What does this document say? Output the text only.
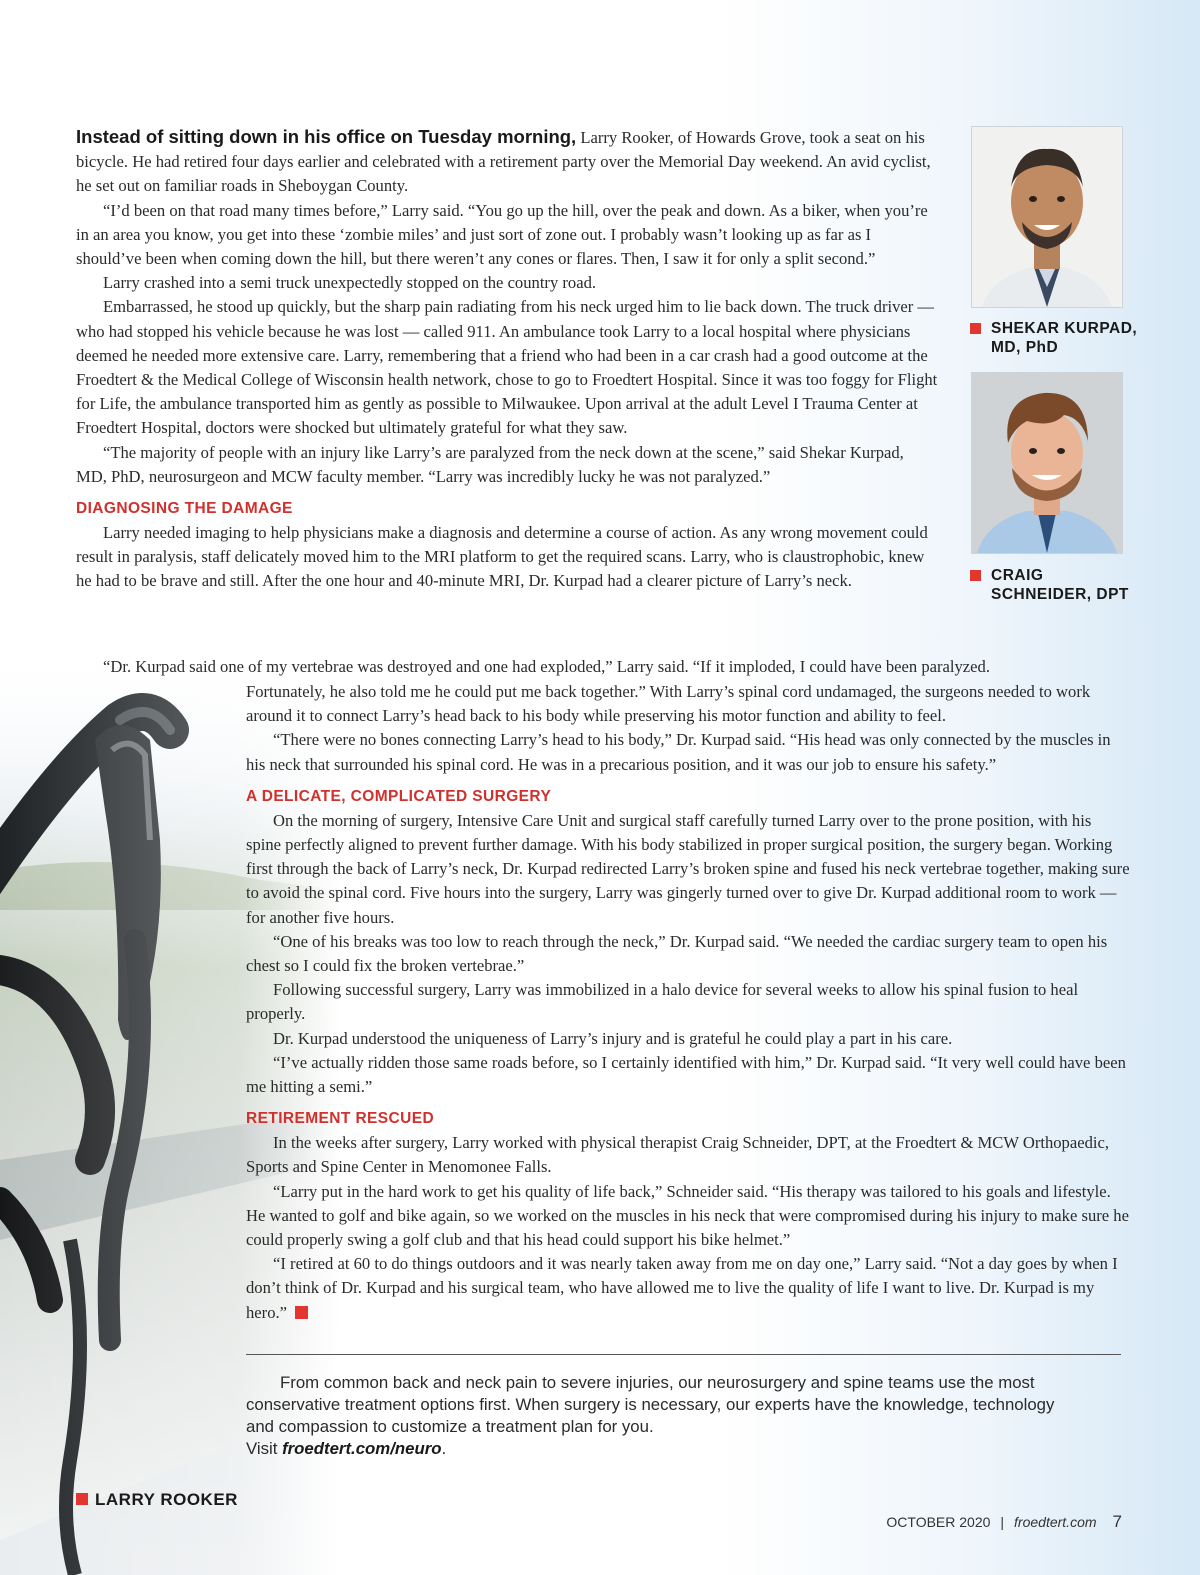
Instead of sitting down in his office on Tuesday morning, Larry Rooker, of Howards Grove, took a seat on his bicycle. He had retired four days earlier and celebrated with a retirement party over the Memorial Day weekend. An avid cyclist, he set out on familiar roads in Sheboygan County.

“I’d been on that road many times before,” Larry said. “You go up the hill, over the peak and down. As a biker, when you’re in an area you know, you get into these ‘zombie miles’ and just sort of zone out. I probably wasn’t looking up as far as I should’ve been when coming down the hill, but there weren’t any cones or flares. Then, I saw it for only a split second.”

Larry crashed into a semi truck unexpectedly stopped on the country road.

Embarrassed, he stood up quickly, but the sharp pain radiating from his neck urged him to lie back down. The truck driver — who had stopped his vehicle because he was lost — called 911. An ambulance took Larry to a local hospital where physicians deemed he needed more extensive care. Larry, remembering that a friend who had been in a car crash had a good outcome at the Froedtert & the Medical College of Wisconsin health network, chose to go to Froedtert Hospital. Since it was too foggy for Flight for Life, the ambulance transported him as gently as possible to Milwaukee. Upon arrival at the adult Level I Trauma Center at Froedtert Hospital, doctors were shocked but ultimately grateful for what they saw.

“The majority of people with an injury like Larry’s are paralyzed from the neck down at the scene,” said Shekar Kurpad, MD, PhD, neurosurgeon and MCW faculty member. “Larry was incredibly lucky he was not paralyzed.”

DIAGNOSING THE DAMAGE

Larry needed imaging to help physicians make a diagnosis and determine a course of action. As any wrong movement could result in paralysis, staff delicately moved him to the MRI platform to get the required scans. Larry, who is claustrophobic, knew he had to be brave and still. After the one hour and 40-minute MRI, Dr. Kurpad had a clearer picture of Larry’s neck.

“Dr. Kurpad said one of my vertebrae was destroyed and one had exploded,” Larry said. “If it imploded, I could have been paralyzed.

Fortunately, he also told me he could put me back together.” With Larry’s spinal cord undamaged, the surgeons needed to work around it to connect Larry’s head back to his body while preserving his motor function and ability to feel.

“There were no bones connecting Larry’s head to his body,” Dr. Kurpad said. “His head was only connected by the muscles in his neck that surrounded his spinal cord. He was in a precarious position, and it was our job to ensure his safety.”

A DELICATE, COMPLICATED SURGERY

On the morning of surgery, Intensive Care Unit and surgical staff carefully turned Larry over to the prone position, with his spine perfectly aligned to prevent further damage. With his body stabilized in proper surgical position, the surgery began. Working first through the back of Larry’s neck, Dr. Kurpad redirected Larry’s broken spine and fused his neck vertebrae together, making sure to avoid the spinal cord. Five hours into the surgery, Larry was gingerly turned over to give Dr. Kurpad additional room to work — for another five hours.

“One of his breaks was too low to reach through the neck,” Dr. Kurpad said. “We needed the cardiac surgery team to open his chest so I could fix the broken vertebrae.”

Following successful surgery, Larry was immobilized in a halo device for several weeks to allow his spinal fusion to heal properly.

Dr. Kurpad understood the uniqueness of Larry’s injury and is grateful he could play a part in his care.

“I’ve actually ridden those same roads before, so I certainly identified with him,” Dr. Kurpad said. “It very well could have been me hitting a semi.”

RETIREMENT RESCUED

In the weeks after surgery, Larry worked with physical therapist Craig Schneider, DPT, at the Froedtert & MCW Orthopaedic, Sports and Spine Center in Menomonee Falls.

“Larry put in the hard work to get his quality of life back,” Schneider said. “His therapy was tailored to his goals and lifestyle. He wanted to golf and bike again, so we worked on the muscles in his neck that were compromised during his injury to make sure he could properly swing a golf club and that his head could support his bike helmet.”

“I retired at 60 to do things outdoors and it was nearly taken away from me on day one,” Larry said. “Not a day goes by when I don’t think of Dr. Kurpad and his surgical team, who have allowed me to live the quality of life I want to live. Dr. Kurpad is my hero.”

SHEKAR KURPAD,
MD, PhD
CRAIG
SCHNEIDER, DPT
From common back and neck pain to severe injuries, our neurosurgery and spine teams use the most conservative treatment options first. When surgery is necessary, our experts have the knowledge, technology and compassion to customize a treatment plan for you.
Visit froedtert.com/neuro.
LARRY ROOKER
OCTOBER 2020 | froedtert.com 7
